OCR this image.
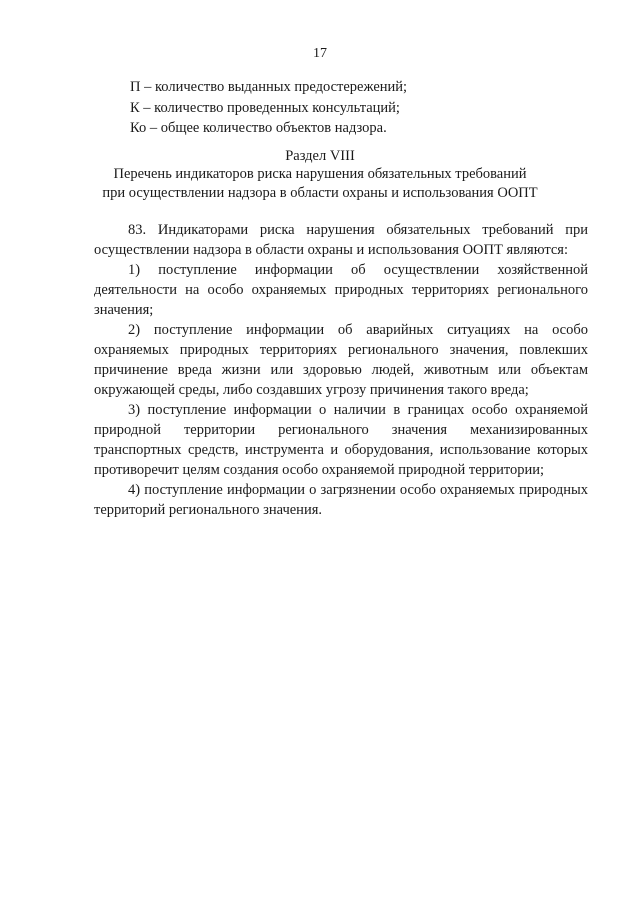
17
П – количество выданных предостережений;
К – количество проведенных консультаций;
Ко – общее количество объектов надзора.
Раздел VIII
Перечень индикаторов риска нарушения обязательных требований
при осуществлении надзора в области охраны и использования ООПТ

83. Индикаторами риска нарушения обязательных требований при осуществлении надзора в области охраны и использования ООПТ являются:

1) поступление информации об осуществлении хозяйственной деятельности на особо охраняемых природных территориях регионального значения;

2) поступление информации об аварийных ситуациях на особо охраняемых природных территориях регионального значения, повлекших причинение вреда жизни или здоровью людей, животным или объектам окружающей среды, либо создавших угрозу причинения такого вреда;

3) поступление информации о наличии в границах особо охраняемой природной территории регионального значения механизированных транспортных средств, инструмента и оборудования, использование которых противоречит целям создания особо охраняемой природной территории;

4) поступление информации о загрязнении особо охраняемых природных территорий регионального значения.
